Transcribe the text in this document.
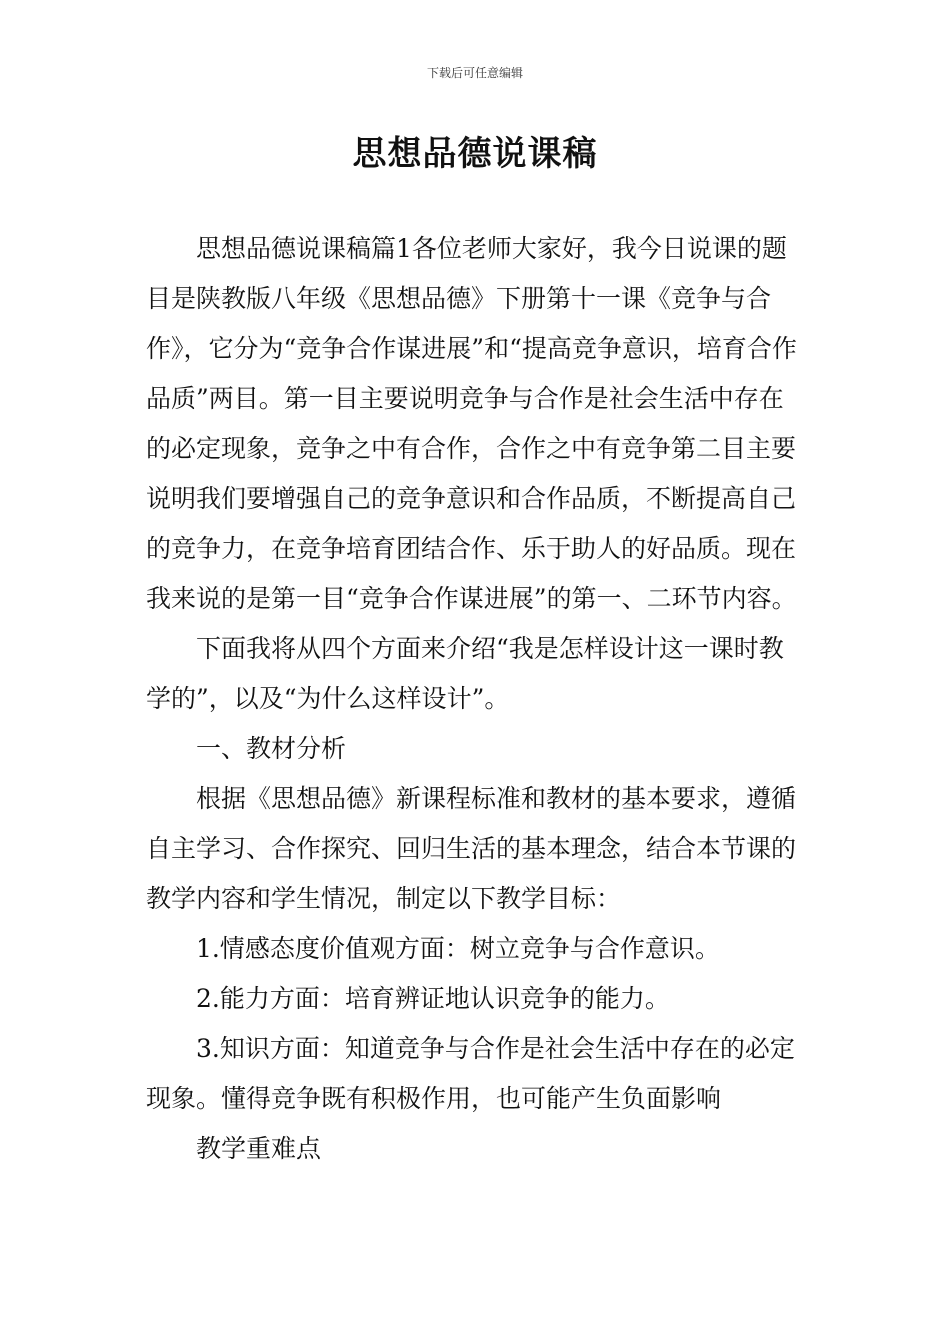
下载后可任意编辑
思想品德说课稿

思想品德说课稿篇1各位老师大家好，我今日说课的题目是陕教版八年级《思想品德》下册第十一课《竞争与合作》，它分为“竞争合作谋进展”和“提高竞争意识，培育合作品质”两目。第一目主要说明竞争与合作是社会生活中存在的必定现象，竞争之中有合作，合作之中有竞争第二目主要说明我们要增强自己的竞争意识和合作品质，不断提高自己的竞争力，在竞争培育团结合作、乐于助人的好品质。现在我来说的是第一目“竞争合作谋进展”的第一、二环节内容。

下面我将从四个方面来介绍“我是怎样设计这一课时教学的”，以及“为什么这样设计”。

一、教材分析

根据《思想品德》新课程标准和教材的基本要求，遵循自主学习、合作探究、回归生活的基本理念，结合本节课的教学内容和学生情况，制定以下教学目标：

1.情感态度价值观方面：树立竞争与合作意识。

2.能力方面：培育辨证地认识竞争的能力。

3.知识方面：知道竞争与合作是社会生活中存在的必定现象。懂得竞争既有积极作用，也可能产生负面影响

教学重难点
